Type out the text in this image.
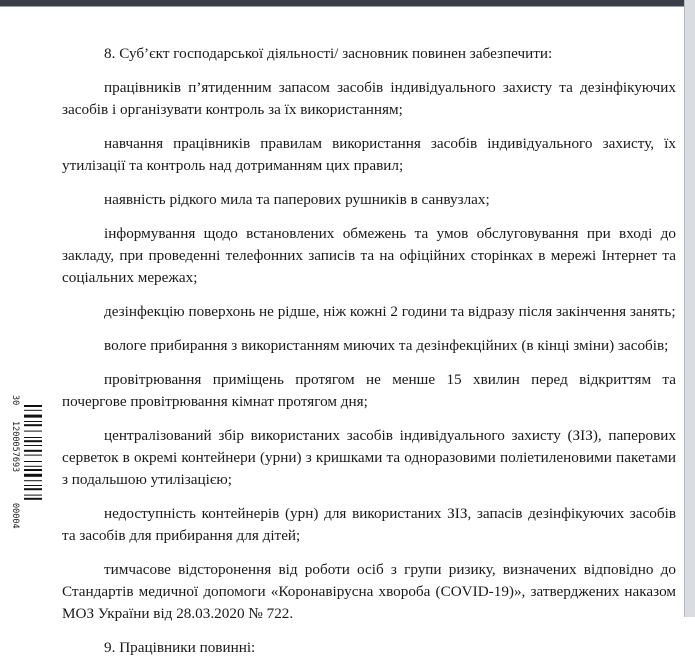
8. Суб’єкт господарської діяльності/ засновник повинен забезпечити:

працівників п’ятиденним запасом засобів індивідуального захисту та дезінфікуючих засобів і організувати контроль за їх використанням;

навчання працівників правилам використання засобів індивідуального захисту, їх утилізації та контроль над дотриманням цих правил;

наявність рідкого мила та паперових рушників в санвузлах;

інформування щодо встановлених обмежень та умов обслуговування при вході до закладу, при проведенні телефонних записів та на офіційних сторінках в мережі Інтернет та соціальних мережах;

дезінфекцію поверхонь не рідше, ніж кожні 2 години та відразу після закінчення занять;

вологе прибирання з використанням миючих та дезінфекційних (в кінці зміни) засобів;

провітрювання приміщень протягом не менше 15 хвилин перед відкриттям та почергове провітрювання кімнат протягом дня;

централізований збір використаних засобів індивідуального захисту (ЗІЗ), паперових серветок в окремі контейнери (урни) з кришками та одноразовими поліетиленовими пакетами з подальшою утилізацією;

недоступність контейнерів (урн) для використаних ЗІЗ, запасів дезінфікуючих засобів та засобів для прибирання для дітей;

тимчасове відсторонення від роботи осіб з групи ризику, визначених відповідно до Стандартів медичної допомоги «Коронавірусна хвороба (COVID-19)», затверджених наказом МОЗ України від 28.03.2020 № 722.

9. Працівники повинні:

30
1200057693
00004
